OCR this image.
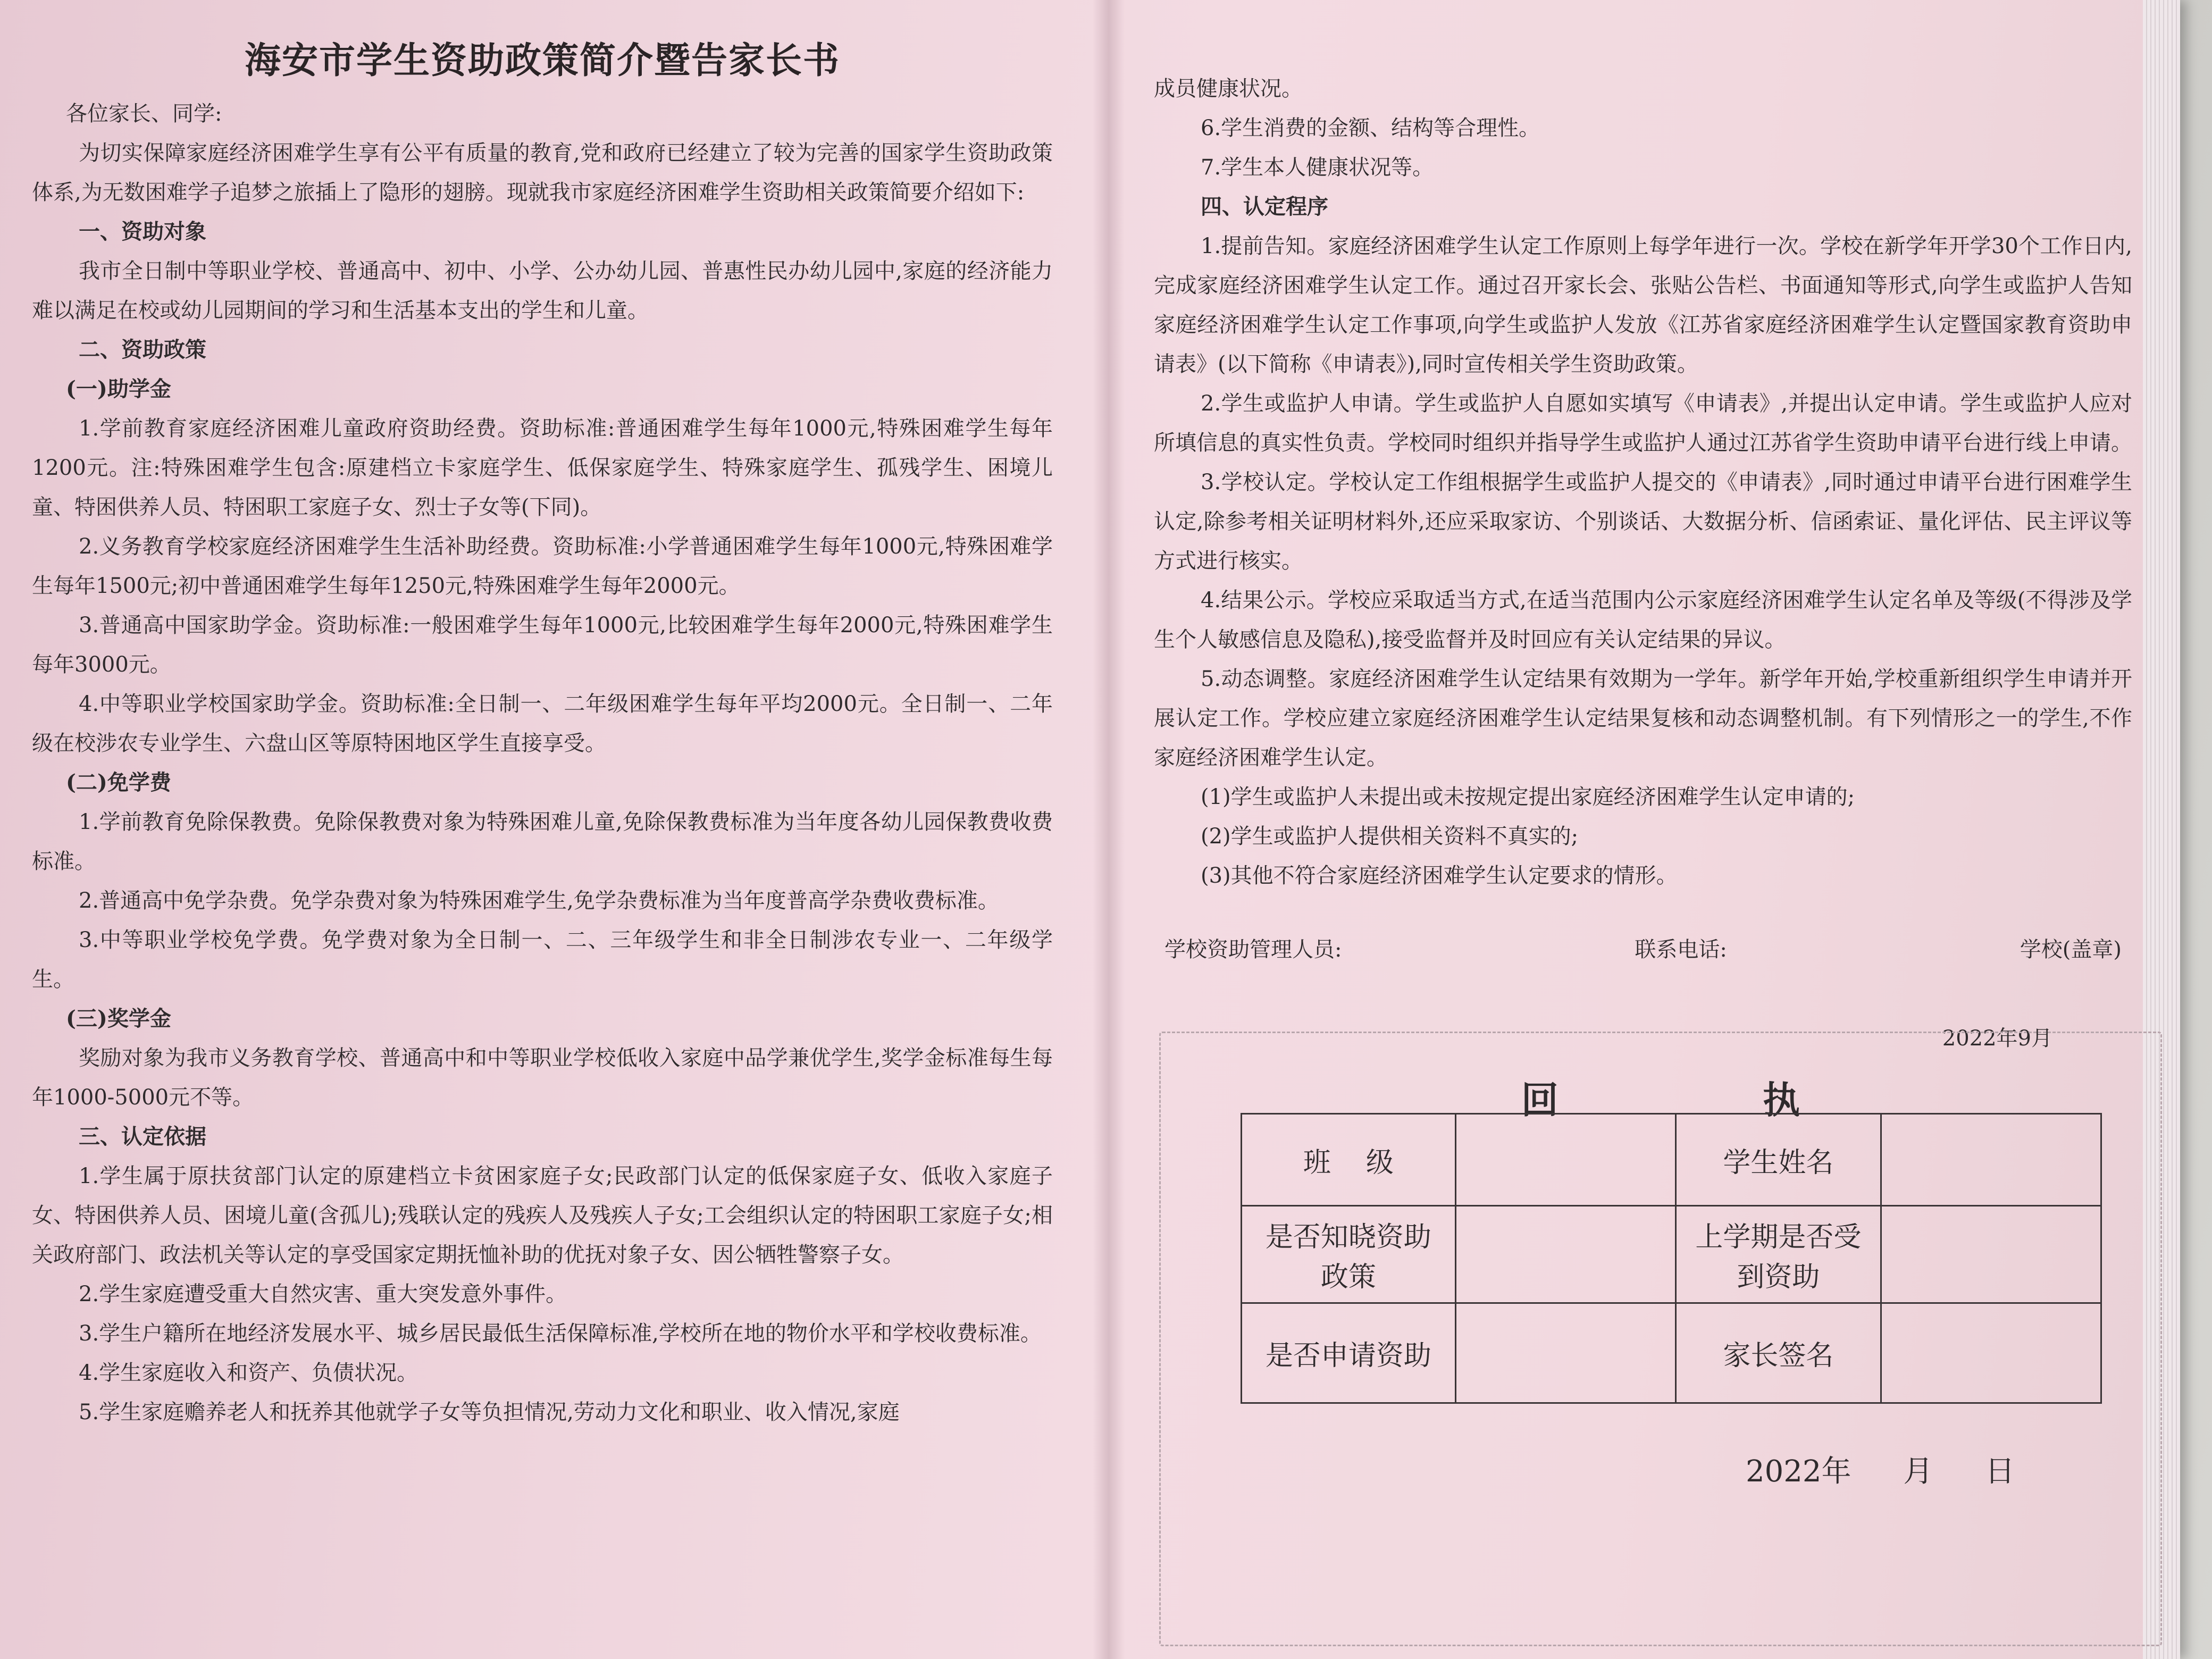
海安市学生资助政策简介暨告家长书

各位家长、同学:

为切实保障家庭经济困难学生享有公平有质量的教育,党和政府已经建立了较为完善的国家学生资助政策体系,为无数困难学子追梦之旅插上了隐形的翅膀。现就我市家庭经济困难学生资助相关政策简要介绍如下:

一、资助对象

我市全日制中等职业学校、普通高中、初中、小学、公办幼儿园、普惠性民办幼儿园中,家庭的经济能力难以满足在校或幼儿园期间的学习和生活基本支出的学生和儿童。

二、资助政策

(一)助学金

1.学前教育家庭经济困难儿童政府资助经费。资助标准:普通困难学生每年1000元,特殊困难学生每年1200元。注:特殊困难学生包含:原建档立卡家庭学生、低保家庭学生、特殊家庭学生、孤残学生、困境儿童、特困供养人员、特困职工家庭子女、烈士子女等(下同)。

2.义务教育学校家庭经济困难学生生活补助经费。资助标准:小学普通困难学生每年1000元,特殊困难学生每年1500元;初中普通困难学生每年1250元,特殊困难学生每年2000元。

3.普通高中国家助学金。资助标准:一般困难学生每年1000元,比较困难学生每年2000元,特殊困难学生每年3000元。

4.中等职业学校国家助学金。资助标准:全日制一、二年级困难学生每年平均2000元。全日制一、二年级在校涉农专业学生、六盘山区等原特困地区学生直接享受。

(二)免学费

1.学前教育免除保教费。免除保教费对象为特殊困难儿童,免除保教费标准为当年度各幼儿园保教费收费标准。

2.普通高中免学杂费。免学杂费对象为特殊困难学生,免学杂费标准为当年度普高学杂费收费标准。

3.中等职业学校免学费。免学费对象为全日制一、二、三年级学生和非全日制涉农专业一、二年级学生。

(三)奖学金

奖励对象为我市义务教育学校、普通高中和中等职业学校低收入家庭中品学兼优学生,奖学金标准每生每年1000-5000元不等。

三、认定依据

1.学生属于原扶贫部门认定的原建档立卡贫困家庭子女;民政部门认定的低保家庭子女、低收入家庭子女、特困供养人员、困境儿童(含孤儿);残联认定的残疾人及残疾人子女;工会组织认定的特困职工家庭子女;相关政府部门、政法机关等认定的享受国家定期抚恤补助的优抚对象子女、因公牺牲警察子女。

2.学生家庭遭受重大自然灾害、重大突发意外事件。

3.学生户籍所在地经济发展水平、城乡居民最低生活保障标准,学校所在地的物价水平和学校收费标准。

4.学生家庭收入和资产、负债状况。

5.学生家庭赡养老人和抚养其他就学子女等负担情况,劳动力文化和职业、收入情况,家庭

成员健康状况。

6.学生消费的金额、结构等合理性。

7.学生本人健康状况等。

四、认定程序

1.提前告知。家庭经济困难学生认定工作原则上每学年进行一次。学校在新学年开学30个工作日内,完成家庭经济困难学生认定工作。通过召开家长会、张贴公告栏、书面通知等形式,向学生或监护人告知家庭经济困难学生认定工作事项,向学生或监护人发放《江苏省家庭经济困难学生认定暨国家教育资助申请表》(以下简称《申请表》),同时宣传相关学生资助政策。

2.学生或监护人申请。学生或监护人自愿如实填写《申请表》,并提出认定申请。学生或监护人应对所填信息的真实性负责。学校同时组织并指导学生或监护人通过江苏省学生资助申请平台进行线上申请。

3.学校认定。学校认定工作组根据学生或监护人提交的《申请表》,同时通过申请平台进行困难学生认定,除参考相关证明材料外,还应采取家访、个别谈话、大数据分析、信函索证、量化评估、民主评议等方式进行核实。

4.结果公示。学校应采取适当方式,在适当范围内公示家庭经济困难学生认定名单及等级(不得涉及学生个人敏感信息及隐私),接受监督并及时回应有关认定结果的异议。

5.动态调整。家庭经济困难学生认定结果有效期为一学年。新学年开始,学校重新组织学生申请并开展认定工作。学校应建立家庭经济困难学生认定结果复核和动态调整机制。有下列情形之一的学生,不作家庭经济困难学生认定。

(1)学生或监护人未提出或未按规定提出家庭经济困难学生认定申请的;

(2)学生或监护人提供相关资料不真实的;

(3)其他不符合家庭经济困难学生认定要求的情形。

学校资助管理人员:	联系电话:	学校(盖章)
2022年9月
回 执
班    级		学生姓名	
是否知晓资助政策		上学期是否受到资助	
是否申请资助		家长签名	
2022年 月 日
